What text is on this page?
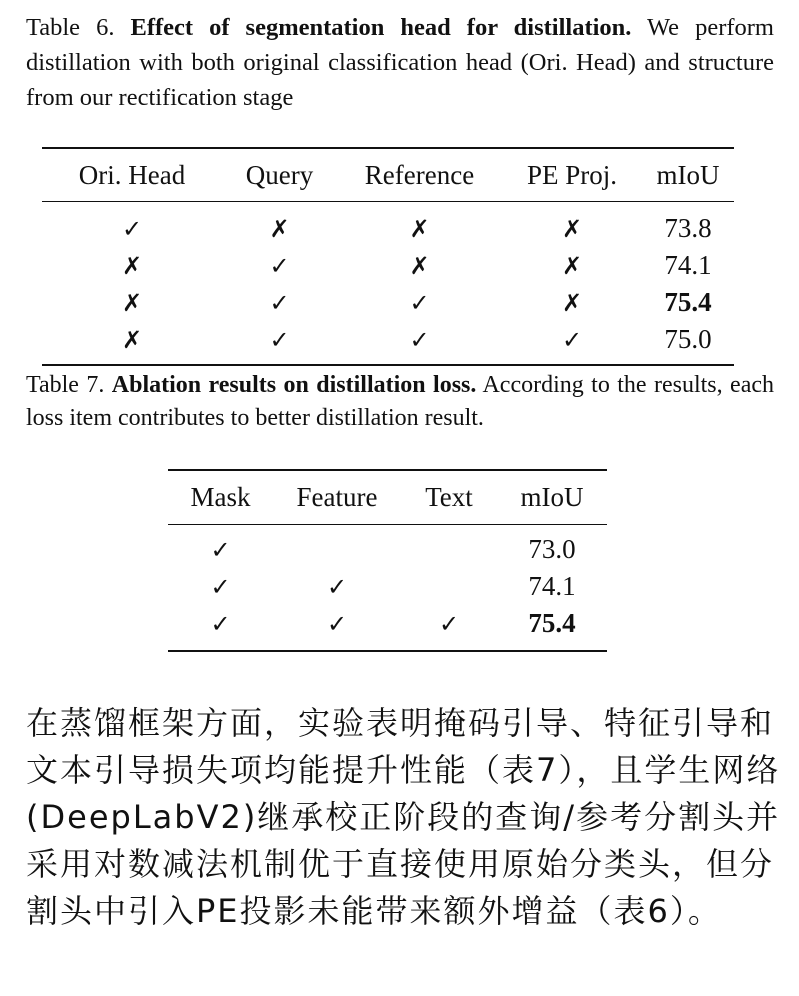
Table 6. Effect of segmentation head for distillation. We perform distillation with both original classification head (Ori. Head) and structure from our rectification stage

Ori. Head	Query	Reference	PE Proj.	mIoU
✓	✗	✗	✗	73.8
✗	✓	✗	✗	74.1
✗	✓	✓	✗	75.4
✗	✓	✓	✓	75.0

Table 7. Ablation results on distillation loss. According to the results, each loss item contributes to better distillation result.

Mask	Feature	Text	mIoU
✓			73.0
✓	✓		74.1
✓	✓	✓	75.4

在蒸馏框架方面，实验表明掩码引导、特征引导和文本引导损失项均能提升性能（表7），且学生网络(DeepLabV2)继承校正阶段的查询/参考分割头并采用对数减法机制优于直接使用原始分类头，但分割头中引入PE投影未能带来额外增益（表6）。
